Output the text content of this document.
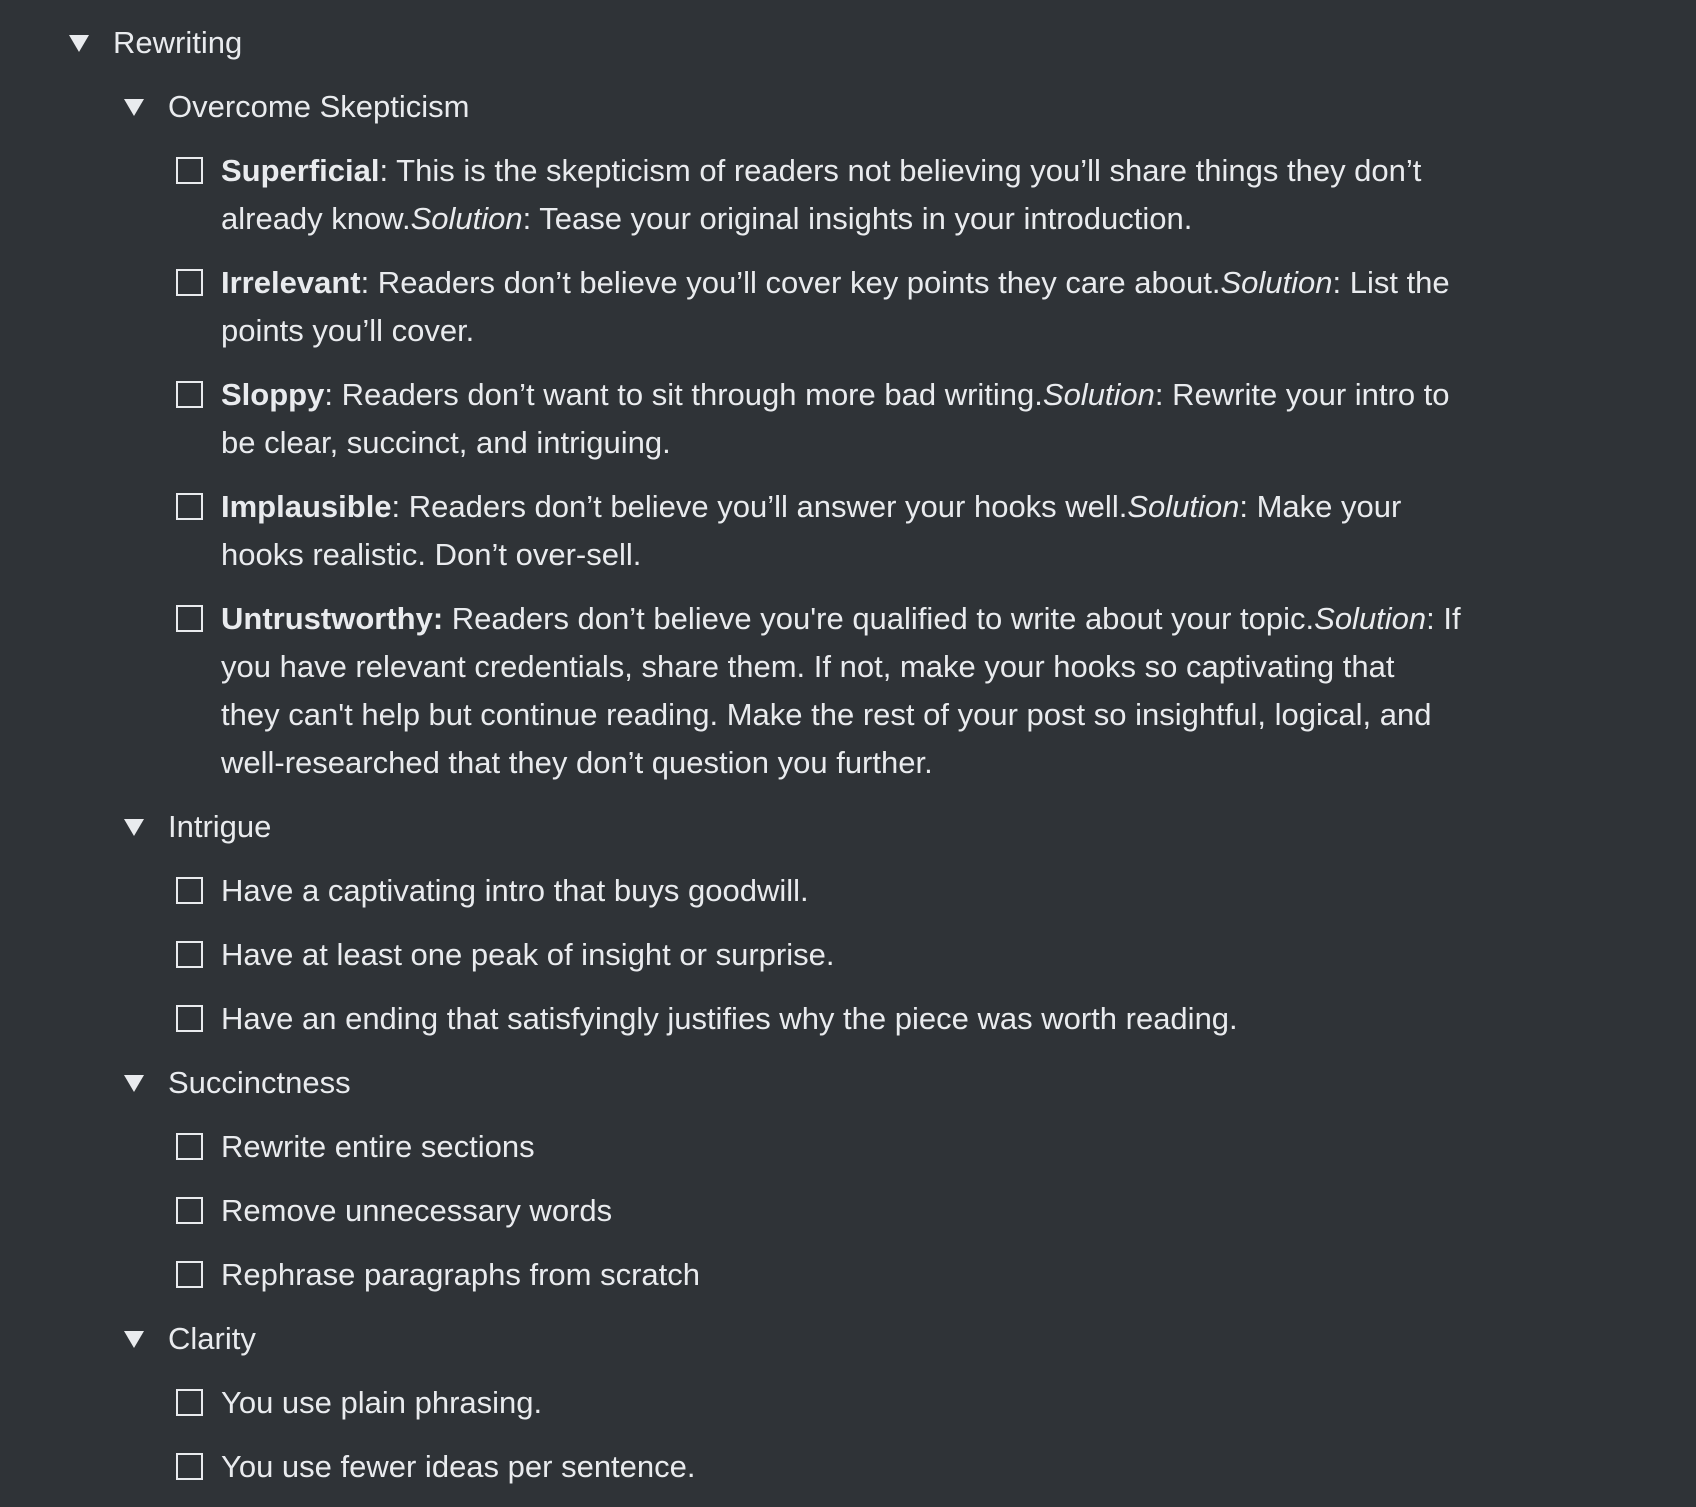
Rewriting
Overcome Skepticism
Superficial: This is the skepticism of readers not believing you’ll share things they don’t already know.Solution: Tease your original insights in your introduction.
Irrelevant: Readers don’t believe you’ll cover key points they care about.Solution: List the points you’ll cover.
Sloppy: Readers don’t want to sit through more bad writing.Solution: Rewrite your intro to be clear, succinct, and intriguing.
Implausible: Readers don’t believe you’ll answer your hooks well.Solution: Make your hooks realistic. Don’t over-sell.
Untrustworthy: Readers don’t believe you're qualified to write about your topic.Solution: If you have relevant credentials, share them. If not, make your hooks so captivating that they can't help but continue reading. Make the rest of your post so insightful, logical, and well-researched that they don’t question you further.
Intrigue
Have a captivating intro that buys goodwill.
Have at least one peak of insight or surprise.
Have an ending that satisfyingly justifies why the piece was worth reading.
Succinctness
Rewrite entire sections
Remove unnecessary words
Rephrase paragraphs from scratch
Clarity
You use plain phrasing.
You use fewer ideas per sentence.
